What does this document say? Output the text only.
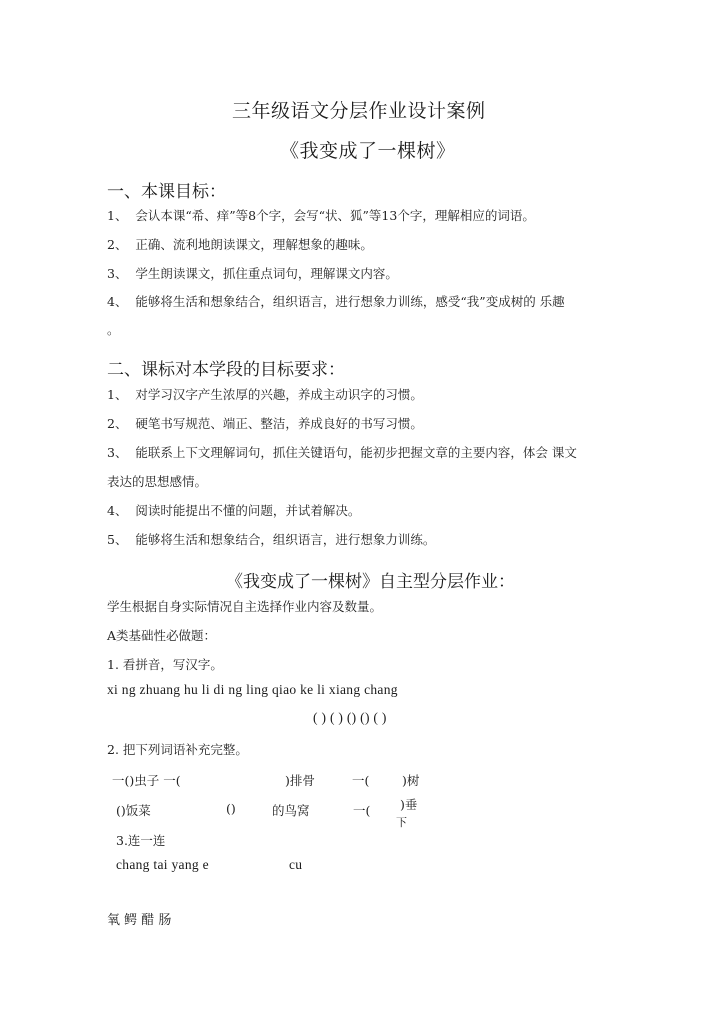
三年级语文分层作业设计案例
《我变成了一棵树》
一、本课目标：
1、 会认本课“希、痒”等8个字，会写“状、狐”等13个字，理解相应的词语。
2、 正确、流利地朗读课文，理解想象的趣味。
3、 学生朗读课文，抓住重点词句，理解课文内容。
4、 能够将生活和想象结合，组织语言，进行想象力训练，感受“我”变成树的 乐趣
。
二、课标对本学段的目标要求：
1、 对学习汉字产生浓厚的兴趣，养成主动识字的习惯。
2、 硬笔书写规范、端正、整洁，养成良好的书写习惯。
3、 能联系上下文理解词句，抓住关键语句，能初步把握文章的主要内容，体会 课文
表达的思想感情。
4、 阅读时能提出不懂的问题，并试着解决。
5、 能够将生活和想象结合，组织语言，进行想象力训练。
《我变成了一棵树》自主型分层作业：
学生根据自身实际情况自主选择作业内容及数量。
A类基础性必做题：
1. 看拼音，写汉字。
xi ng zhuang hu li di ng ling qiao ke li xiang chang
( ) ( ) () () ( )
2. 把下列词语补充完整。
一()虫子 一(	)排骨	一(	)树
()饭菜	()	的鸟窝	一( )垂
下
3.连一连
chang tai yang e	cu
氧 鳄 醋 肠
